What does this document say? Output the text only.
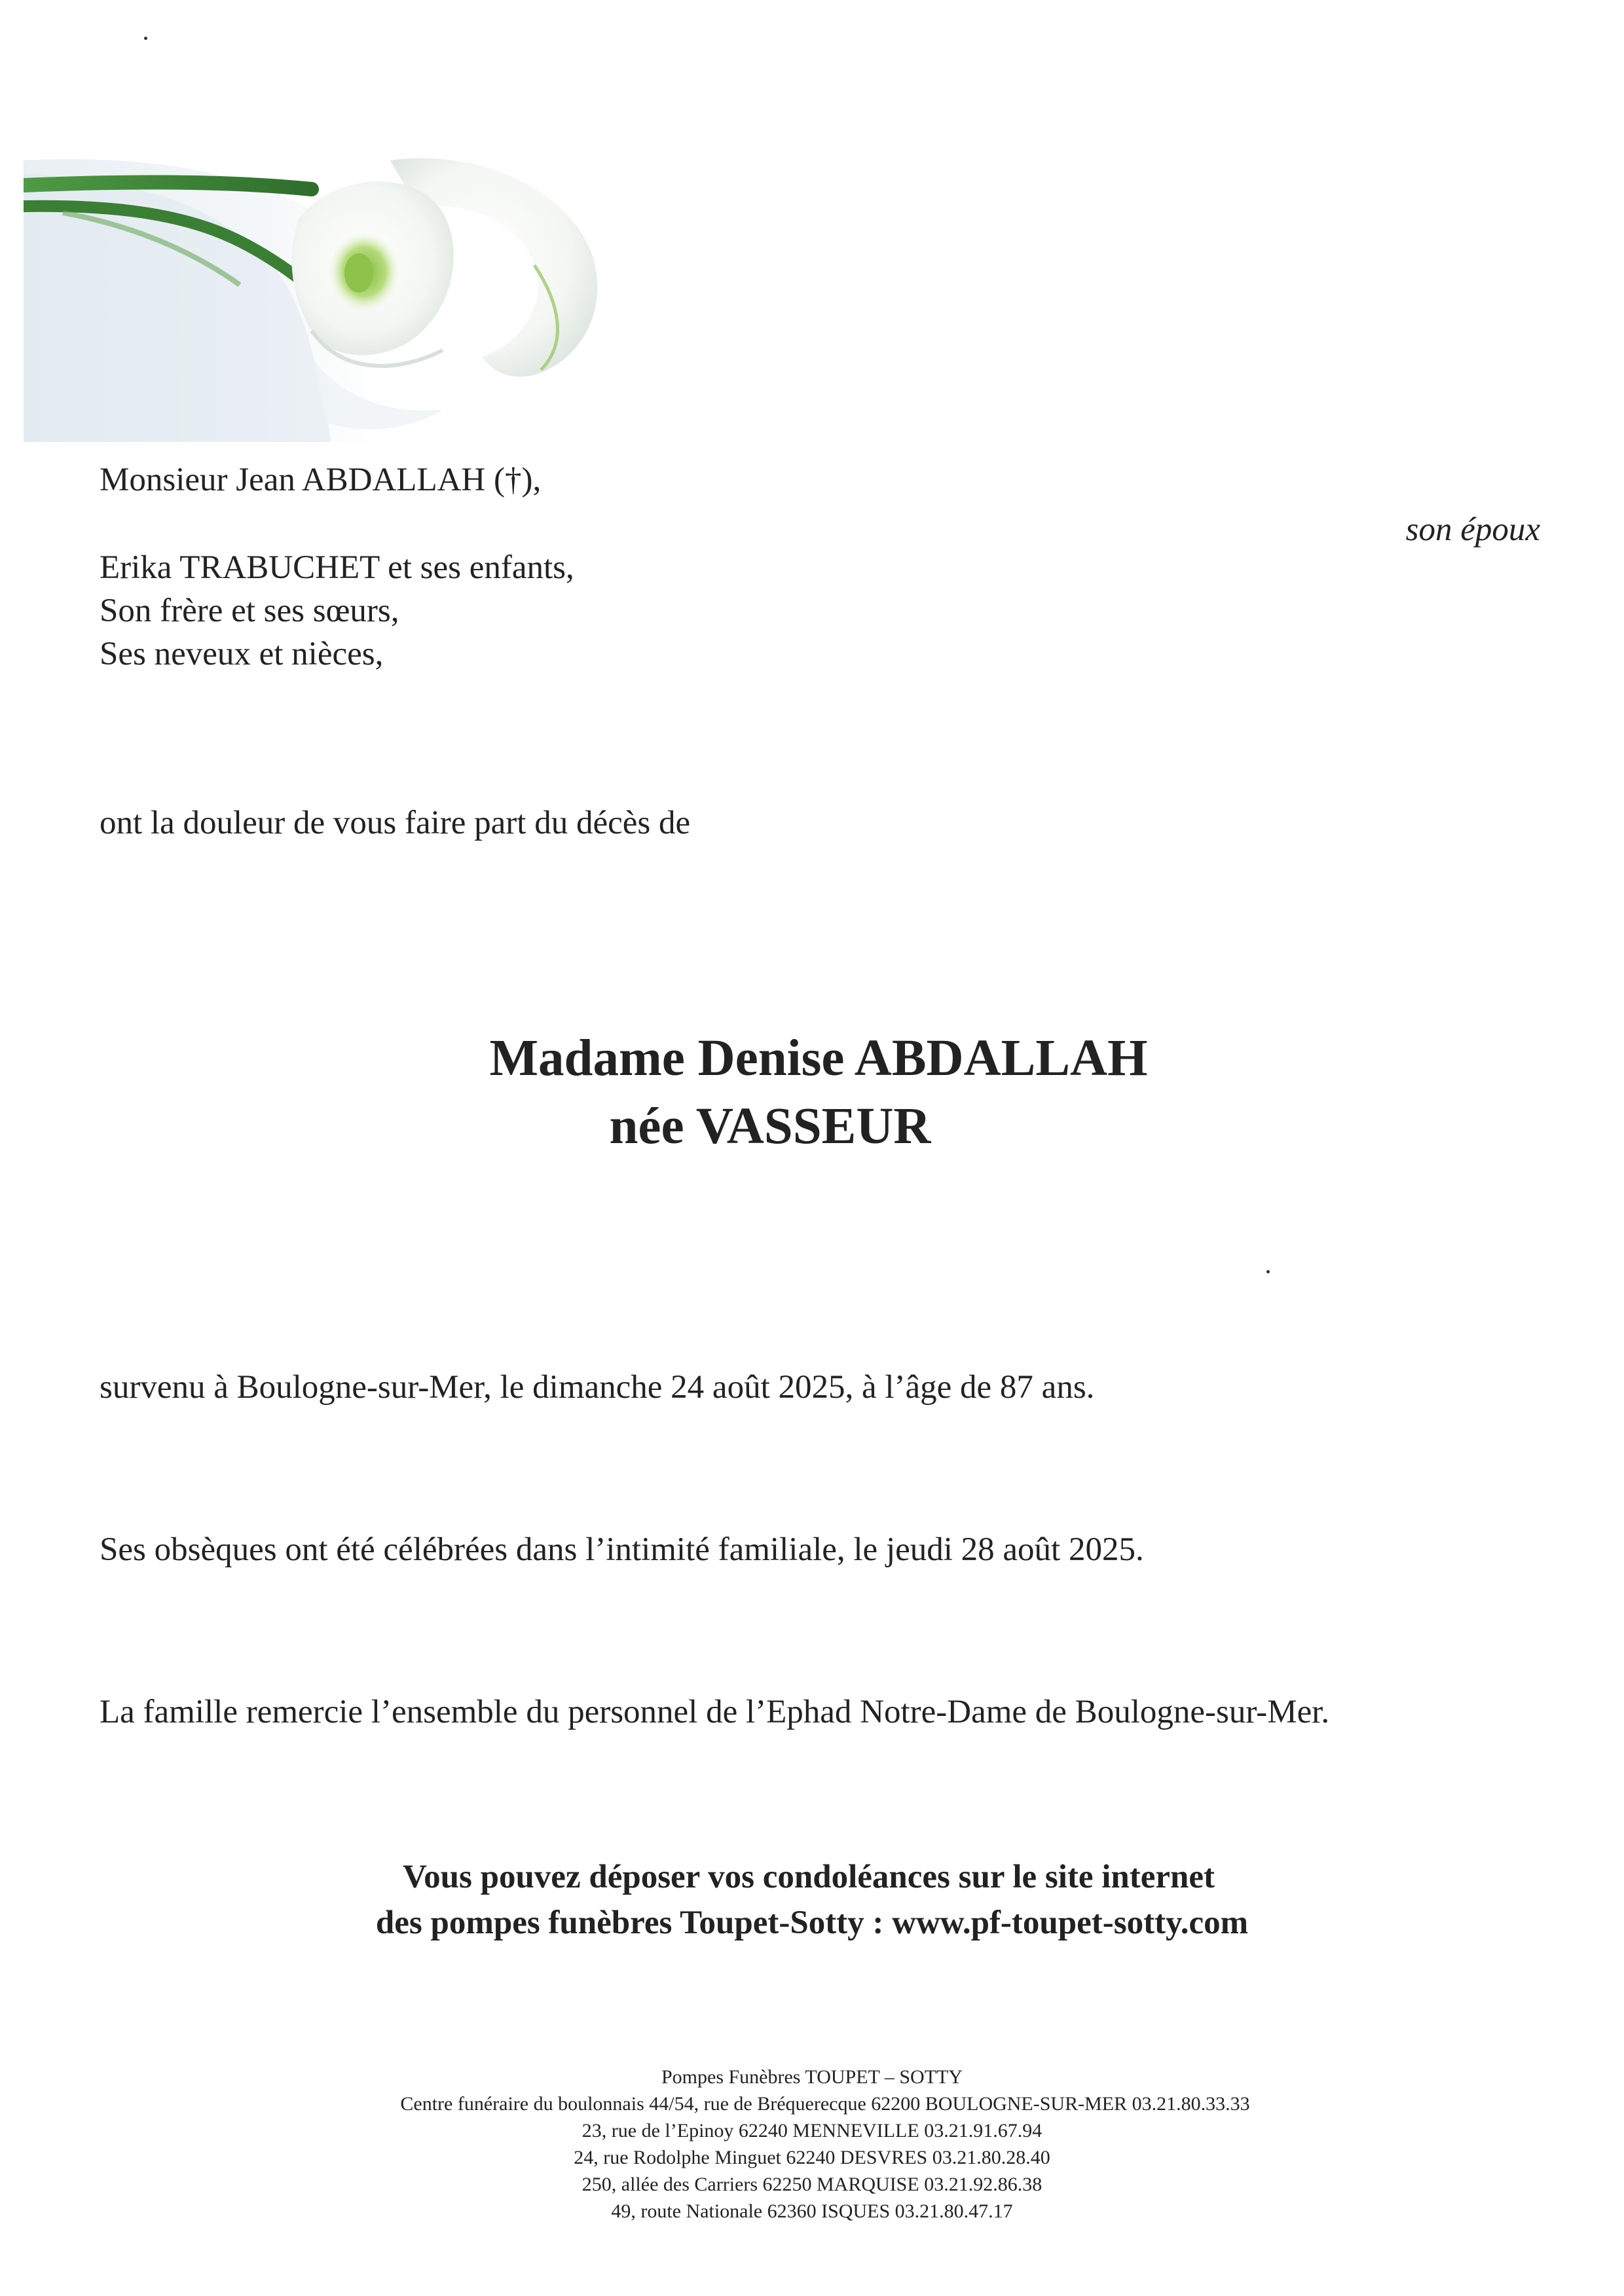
Monsieur Jean ABDALLAH (†),
Erika TRABUCHET et ses enfants,
Son frère et ses sœurs,
Ses neveux et nièces,
son époux
ont la douleur de vous faire part du décès de
Madame Denise ABDALLAH
née VASSEUR
survenu à Boulogne-sur-Mer, le dimanche 24 août 2025, à l’âge de 87 ans.
Ses obsèques ont été célébrées dans l’intimité familiale, le jeudi 28 août 2025.
La famille remercie l’ensemble du personnel de l’Ephad Notre-Dame de Boulogne-sur-Mer.
Vous pouvez déposer vos condoléances sur le site internet
des pompes funèbres Toupet-Sotty : www.pf-toupet-sotty.com
Pompes Funèbres TOUPET – SOTTY
Centre funéraire du boulonnais 44/54, rue de Bréquerecque 62200 BOULOGNE-SUR-MER 03.21.80.33.33
23, rue de l’Epinoy 62240 MENNEVILLE 03.21.91.67.94
24, rue Rodolphe Minguet 62240 DESVRES 03.21.80.28.40
250, allée des Carriers 62250 MARQUISE 03.21.92.86.38
49, route Nationale 62360 ISQUES 03.21.80.47.17
